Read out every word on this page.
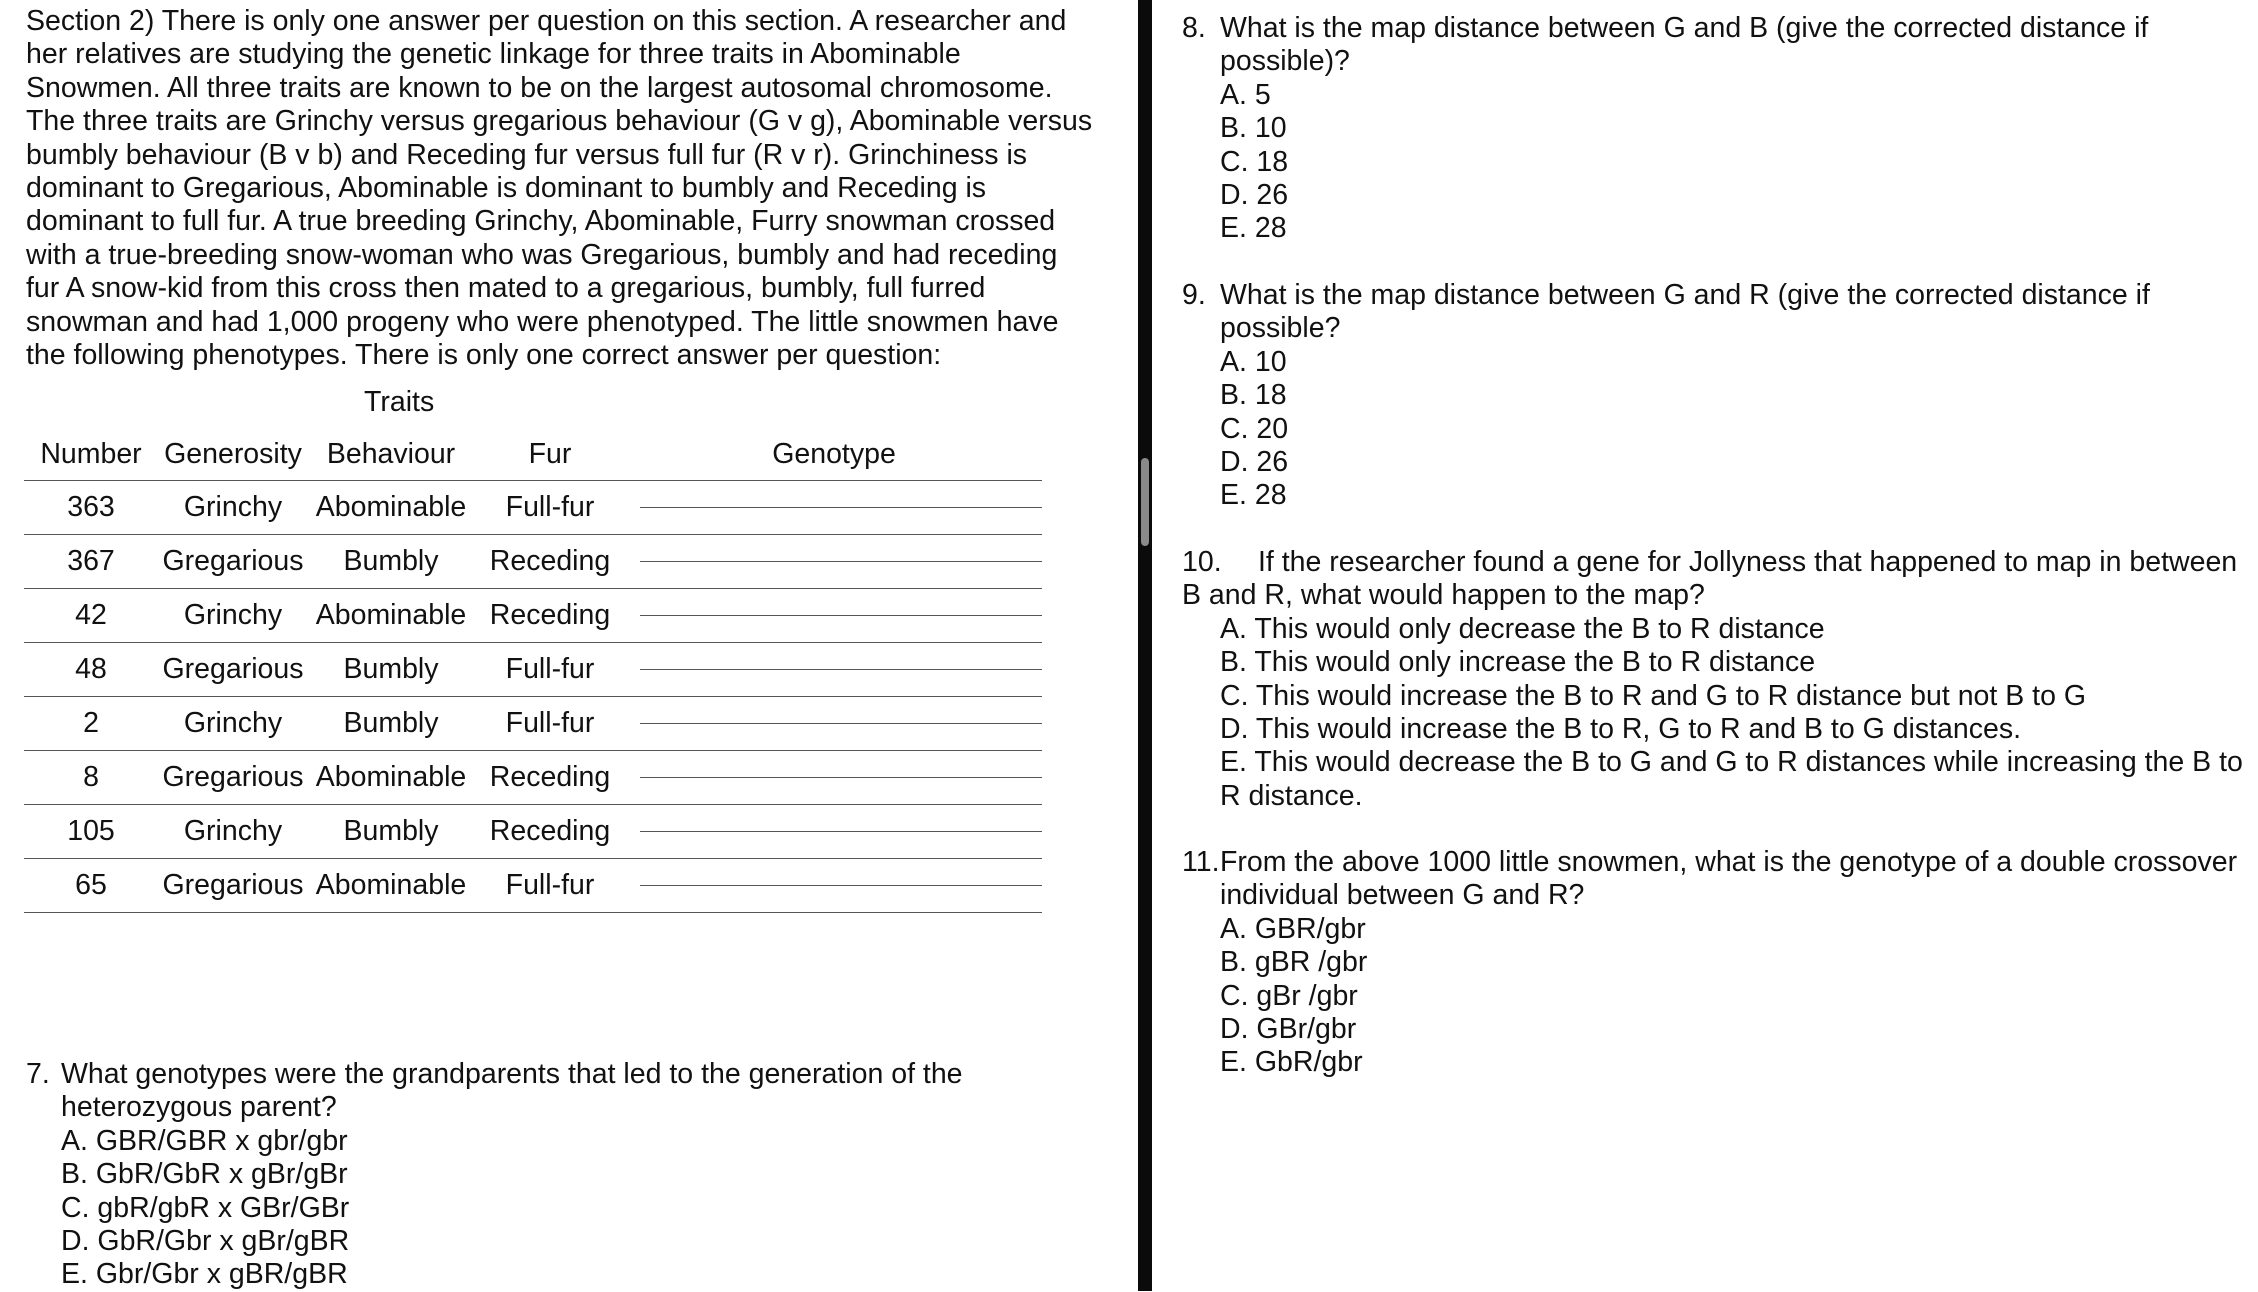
Section 2) There is only one answer per question on this section. A researcher and her relatives are studying the genetic linkage for three traits in Abominable Snowmen. All three traits are known to be on the largest autosomal chromosome. The three traits are Grinchy versus gregarious behaviour (G v g), Abominable versus bumbly behaviour (B v b) and Receding fur versus full fur (R v r). Grinchiness is dominant to Gregarious, Abominable is dominant to bumbly and Receding is dominant to full fur. A true breeding Grinchy, Abominable, Furry snowman crossed with a true-breeding snow-woman who was Gregarious, bumbly and had receding fur A snow-kid from this cross then mated to a gregarious, bumbly, full furred snowman and had 1,000 progeny who were phenotyped. The little snowmen have the following phenotypes. There is only one correct answer per question:

Traits
Number	Generosity	Behaviour	Fur	Genotype
363	Grinchy	Abominable	Full-fur	

367	Gregarious	Bumbly	Receding	

42	Grinchy	Abominable	Receding	

48	Gregarious	Bumbly	Full-fur	

2	Grinchy	Bumbly	Full-fur	

8	Gregarious	Abominable	Receding	

105	Grinchy	Bumbly	Receding	

65	Gregarious	Abominable	Full-fur	
7. What genotypes were the grandparents that led to the generation of the heterozygous parent?
A. GBR/GBR x gbr/gbr
B. GbR/GbR x gBr/gBr
C. gbR/gbR x GBr/GBr
D. GbR/Gbr x gBr/gBR
E. Gbr/Gbr x gBR/gBR
8. What is the map distance between G and B (give the corrected distance if possible)?
A. 5
B. 10
C. 18
D. 26
E. 28
9. What is the map distance between G and R (give the corrected distance if possible?
A. 10
B. 18
C. 20
D. 26
E. 28
10. If the researcher found a gene for Jollyness that happened to map in between B and R, what would happen to the map?
A. This would only decrease the B to R distance
B. This would only increase the B to R distance
C. This would increase the B to R and G to R distance but not B to G
D. This would increase the B to R, G to R and B to G distances.
E. This would decrease the B to G and G to R distances while increasing the B to R distance.
11. From the above 1000 little snowmen, what is the genotype of a double crossover individual between G and R?
A. GBR/gbr
B. gBR /gbr
C. gBr /gbr
D. GBr/gbr
E. GbR/gbr
